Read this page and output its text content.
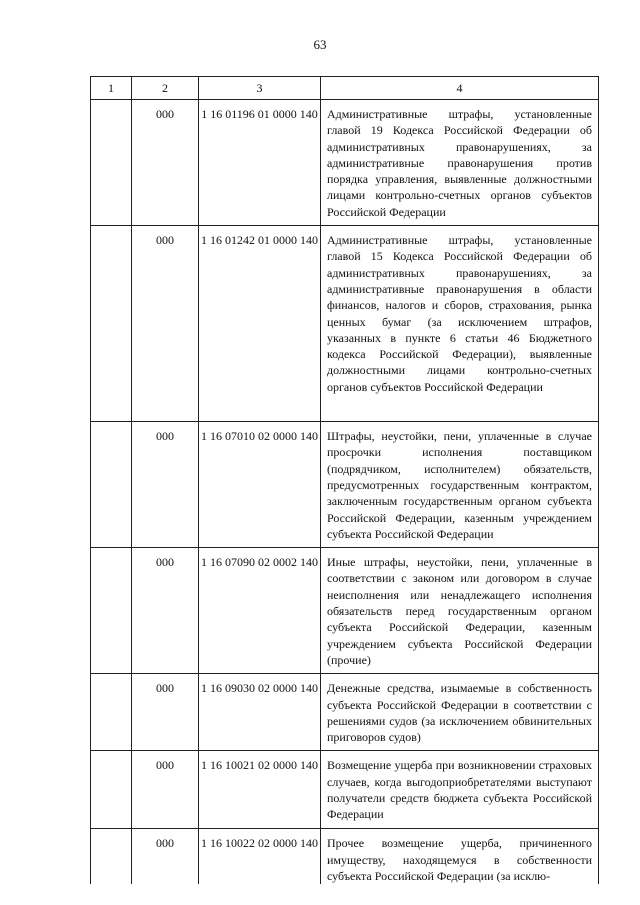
63
1	2	3	4
	000	1 16 01196 01 0000 140	Административные штрафы, установленные главой 19 Кодекса Российской Федерации об административных правонарушениях, за административные правонарушения против порядка управления, выявленные должностными лицами контрольно-счетных органов субъектов Российской Федерации
	000	1 16 01242 01 0000 140	Административные штрафы, установленные главой 15 Кодекса Российской Федерации об административных правонарушениях, за административные правонарушения в области финансов, налогов и сборов, страхования, рынка ценных бумаг (за исключением штрафов, указанных в пункте 6 статьи 46 Бюджетного кодекса Российской Федерации), выявленные должностными лицами контрольно-счетных органов субъектов Российской Федерации
	000	1 16 07010 02 0000 140	Штрафы, неустойки, пени, уплаченные в случае просрочки исполнения поставщиком (подрядчиком, исполнителем) обязательств, предусмотренных государственным контрактом, заключенным государственным органом субъекта Российской Федерации, казенным учреждением субъекта Российской Федерации
	000	1 16 07090 02 0002 140	Иные штрафы, неустойки, пени, уплаченные в соответствии с законом или договором в случае неисполнения или ненадлежащего исполнения обязательств перед государственным органом субъекта Российской Федерации, казенным учреждением субъекта Российской Федерации (прочие)
	000	1 16 09030 02 0000 140	Денежные средства, изымаемые в собственность субъекта Российской Федерации в соответствии с решениями судов (за исключением обвинительных приговоров судов)
	000	1 16 10021 02 0000 140	Возмещение ущерба при возникновении страховых случаев, когда выгодоприобретателями выступают получатели средств бюджета субъекта Российской Федерации
	000	1 16 10022 02 0000 140	Прочее возмещение ущерба, причиненного имуществу, находящемуся в собственности субъекта Российской Федерации (за исклю-
